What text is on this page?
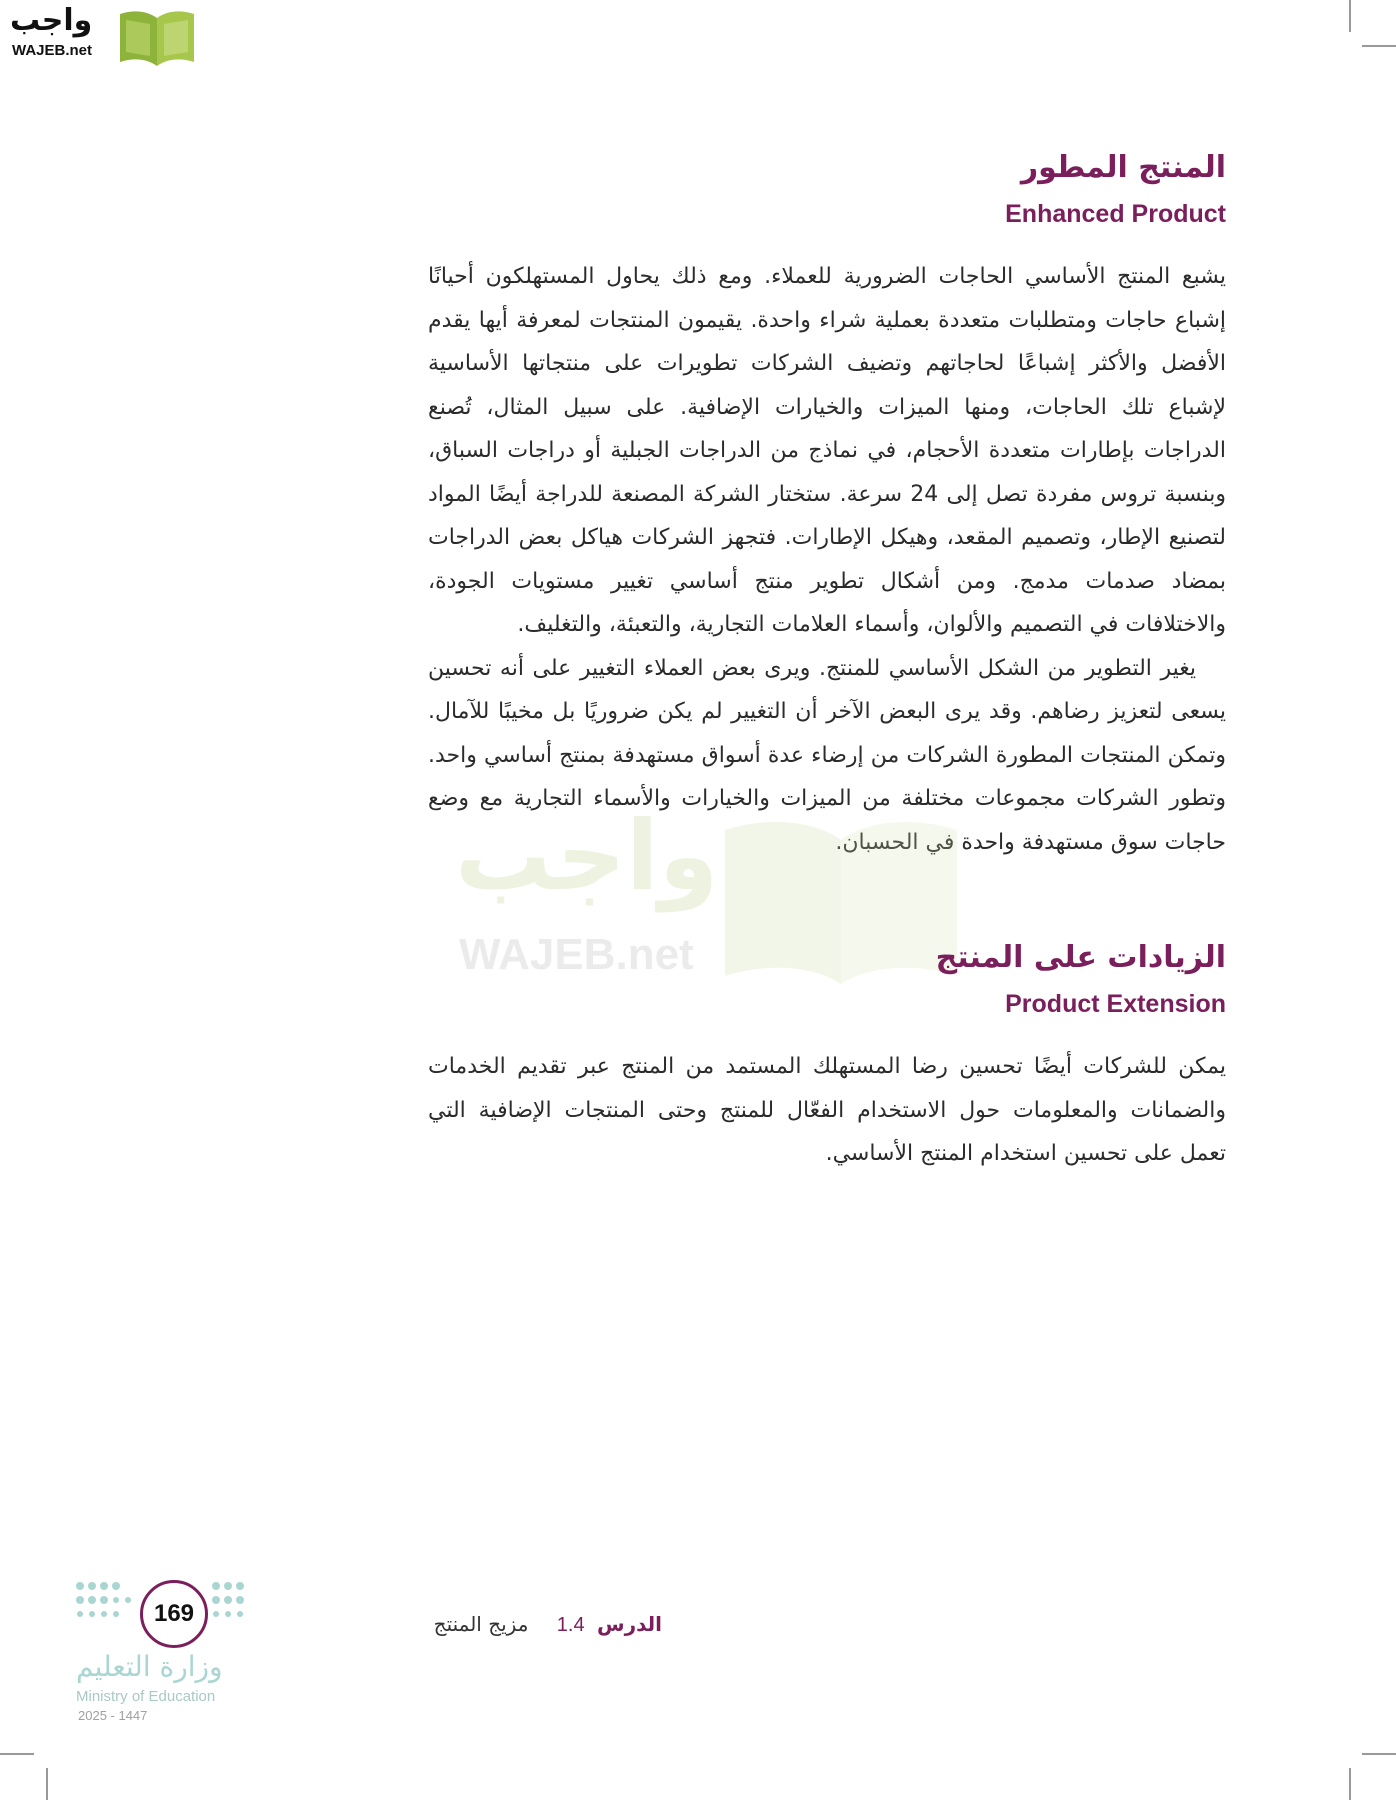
واجب
WAJEB.net
المنتج المطور
Enhanced Product

يشبع المنتج الأساسي الحاجات الضرورية للعملاء. ومع ذلك يحاول المستهلكون أحيانًا إشباع حاجات ومتطلبات متعددة بعملية شراء واحدة. يقيمون المنتجات لمعرفة أيها يقدم الأفضل والأكثر إشباعًا لحاجاتهم وتضيف الشركات تطويرات على منتجاتها الأساسية لإشباع تلك الحاجات، ومنها الميزات والخيارات الإضافية. على سبيل المثال، تُصنع الدراجات بإطارات متعددة الأحجام، في نماذج من الدراجات الجبلية أو دراجات السباق، وبنسبة تروس مفردة تصل إلى 24 سرعة. ستختار الشركة المصنعة للدراجة أيضًا المواد لتصنيع الإطار، وتصميم المقعد، وهيكل الإطارات. فتجهز الشركات هياكل بعض الدراجات بمضاد صدمات مدمج. ومن أشكال تطوير منتج أساسي تغيير مستويات الجودة، والاختلافات في التصميم والألوان، وأسماء العلامات التجارية، والتعبئة، والتغليف.

يغير التطوير من الشكل الأساسي للمنتج. ويرى بعض العملاء التغيير على أنه تحسين يسعى لتعزيز رضاهم. وقد يرى البعض الآخر أن التغيير لم يكن ضروريًا بل مخيبًا للآمال. وتمكن المنتجات المطورة الشركات من إرضاء عدة أسواق مستهدفة بمنتج أساسي واحد. وتطور الشركات مجموعات مختلفة من الميزات والخيارات والأسماء التجارية مع وضع حاجات سوق مستهدفة واحدة في الحسبان.

واجب
WAJEB.net	الزيادات على المنتج
Product Extension

يمكن للشركات أيضًا تحسين رضا المستهلك المستمد من المنتج عبر تقديم الخدمات والضمانات والمعلومات حول الاستخدام الفعّال للمنتج وحتى المنتجات الإضافية التي تعمل على تحسين استخدام المنتج الأساسي.

الدرس 1.4 مزيج المنتج
169
وزارة التعليم
Ministry of Education
2025 - 1447
